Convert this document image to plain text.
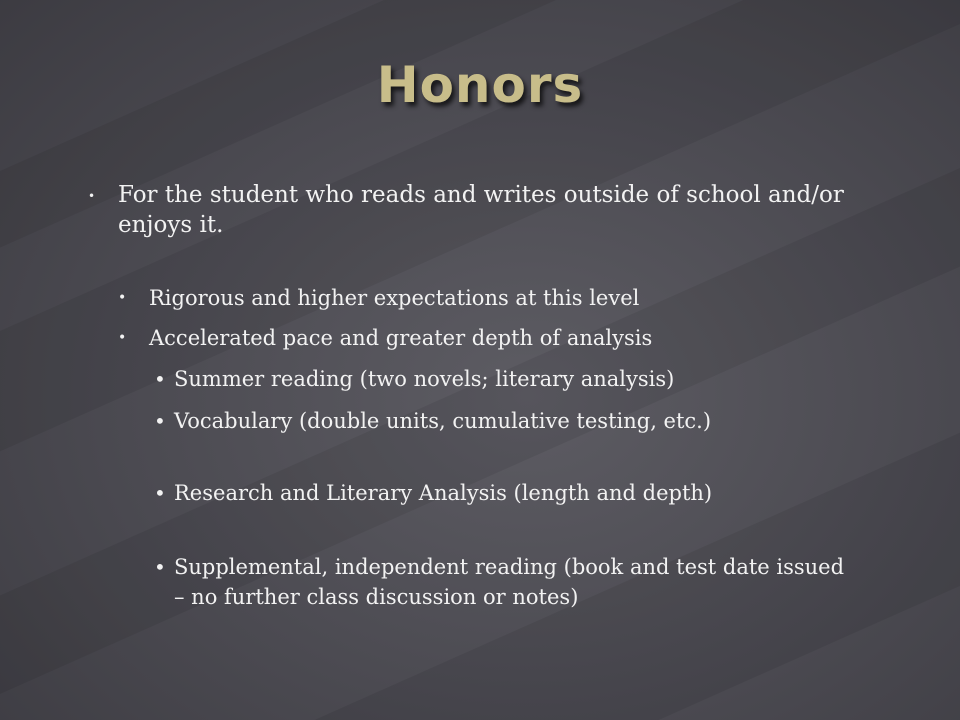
Honors
• For the student who reads and writes outside of school and/or enjoys it.
• Rigorous and higher expectations at this level
• Accelerated pace and greater depth of analysis
• Summer reading (two novels; literary analysis)
• Vocabulary (double units, cumulative testing, etc.)
• Research and Literary Analysis (length and depth)
• Supplemental, independent reading (book and test date issued – no further class discussion or notes)
